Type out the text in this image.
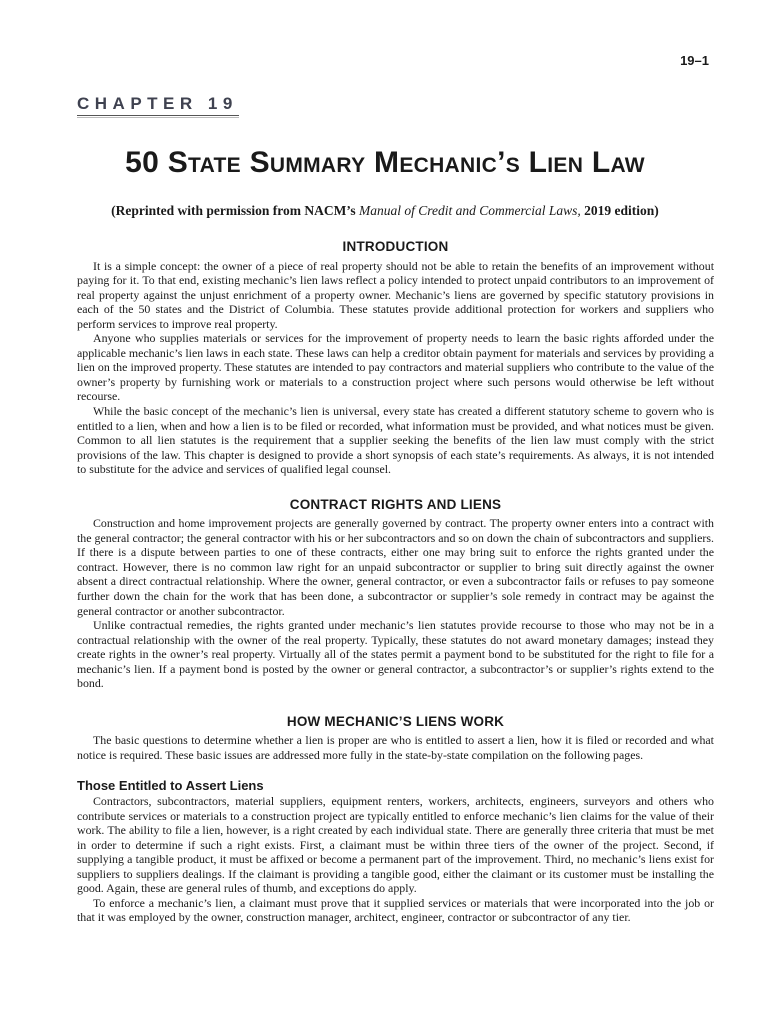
19–1
CHAPTER 19
50 State Summary Mechanic’s Lien Law
(Reprinted with permission from NACM’s Manual of Credit and Commercial Laws, 2019 edition)
INTRODUCTION

It is a simple concept: the owner of a piece of real property should not be able to retain the benefits of an improvement without paying for it. To that end, existing mechanic’s lien laws reflect a policy intended to protect unpaid contributors to an improvement of real property against the unjust enrichment of a property owner. Mechanic’s liens are governed by specific statutory provisions in each of the 50 states and the District of Columbia. These statutes provide additional protection for workers and suppliers who perform services to improve real property.

Anyone who supplies materials or services for the improvement of property needs to learn the basic rights afforded under the applicable mechanic’s lien laws in each state. These laws can help a creditor obtain payment for materials and services by providing a lien on the improved property. These statutes are intended to pay contractors and material suppliers who contribute to the value of the owner’s property by furnishing work or materials to a construction project where such persons would otherwise be left without recourse.

While the basic concept of the mechanic’s lien is universal, every state has created a different statutory scheme to govern who is entitled to a lien, when and how a lien is to be filed or recorded, what information must be provided, and what notices must be given. Common to all lien statutes is the requirement that a supplier seeking the benefits of the lien law must comply with the strict provisions of the law. This chapter is designed to provide a short synopsis of each state’s requirements. As always, it is not intended to substitute for the advice and services of qualified legal counsel.

CONTRACT RIGHTS AND LIENS

Construction and home improvement projects are generally governed by contract. The property owner enters into a contract with the general contractor; the general contractor with his or her subcontractors and so on down the chain of subcontractors and suppliers. If there is a dispute between parties to one of these contracts, either one may bring suit to enforce the rights granted under the contract. However, there is no common law right for an unpaid subcontractor or supplier to bring suit directly against the owner absent a direct contractual relationship. Where the owner, general contractor, or even a subcontractor fails or refuses to pay someone further down the chain for the work that has been done, a subcontractor or supplier’s sole remedy in contract may be against the general contractor or another subcontractor.

Unlike contractual remedies, the rights granted under mechanic’s lien statutes provide recourse to those who may not be in a contractual relationship with the owner of the real property. Typically, these statutes do not award monetary damages; instead they create rights in the owner’s real property. Virtually all of the states permit a payment bond to be substituted for the right to file for a mechanic’s lien. If a payment bond is posted by the owner or general contractor, a subcontractor’s or supplier’s rights extend to the bond.

HOW MECHANIC’S LIENS WORK

The basic questions to determine whether a lien is proper are who is entitled to assert a lien, how it is filed or recorded and what notice is required. These basic issues are addressed more fully in the state-by-state compilation on the following pages.

Those Entitled to Assert Liens

Contractors, subcontractors, material suppliers, equipment renters, workers, architects, engineers, surveyors and others who contribute services or materials to a construction project are typically entitled to enforce mechanic’s lien claims for the value of their work. The ability to file a lien, however, is a right created by each individual state. There are generally three criteria that must be met in order to determine if such a right exists. First, a claimant must be within three tiers of the owner of the project. Second, if supplying a tangible product, it must be affixed or become a permanent part of the improvement. Third, no mechanic’s liens exist for suppliers to suppliers dealings. If the claimant is providing a tangible good, either the claimant or its customer must be installing the good. Again, these are general rules of thumb, and exceptions do apply.

To enforce a mechanic’s lien, a claimant must prove that it supplied services or materials that were incorporated into the job or that it was employed by the owner, construction manager, architect, engineer, contractor or subcontractor of any tier.
